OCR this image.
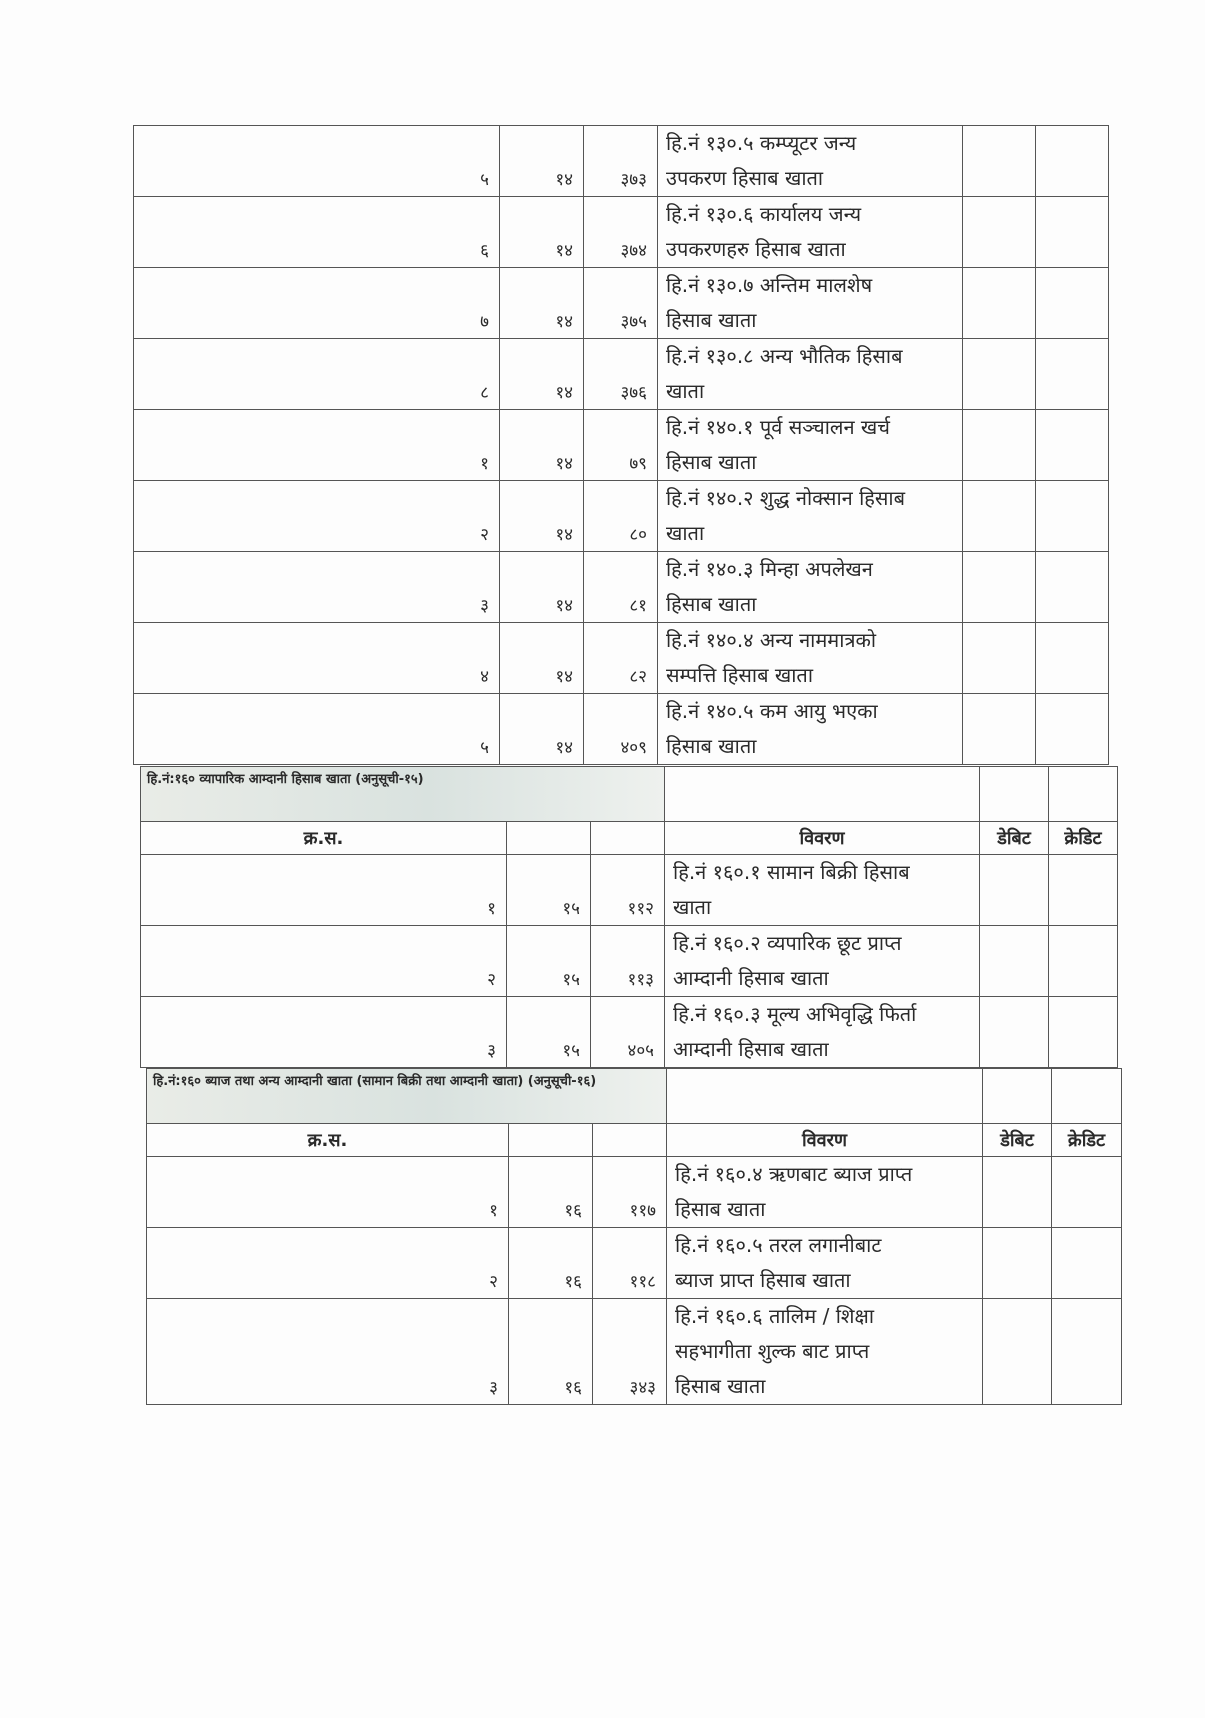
५	१४	३७३	हि.नं १३०.५ कम्प्यूटर जन्य
उपकरण हिसाब खाता		

६	१४	३७४	हि.नं १३०.६ कार्यालय जन्य
उपकरणहरु हिसाब खाता		

७	१४	३७५	हि.नं १३०.७ अन्तिम मालशेष
हिसाब खाता		

८	१४	३७६	हि.नं १३०.८ अन्य भौतिक हिसाब
खाता		

१	१४	७९	हि.नं १४०.१ पूर्व सञ्चालन खर्च
हिसाब खाता		

२	१४	८०	हि.नं १४०.२ शुद्ध नोक्सान हिसाब
खाता		

३	१४	८१	हि.नं १४०.३ मिन्हा अपलेखन
हिसाब खाता		

४	१४	८२	हि.नं १४०.४ अन्य नाममात्रको
सम्पत्ति हिसाब खाता		

५	१४	४०९	हि.नं १४०.५ कम आयु भएका
हिसाब खाता		

हि.नं:१६० व्यापारिक आम्दानी हिसाब खाता (अनुसूची-१५)					
क्र.स.			विवरण	डेबिट	क्रेडिट
१	१५	११२	हि.नं १६०.१ सामान बिक्री हिसाब
खाता		

२	१५	११३	हि.नं १६०.२ व्यपारिक छूट प्राप्त
आम्दानी हिसाब खाता		

३	१५	४०५	हि.नं १६०.३ मूल्य अभिवृद्धि फिर्ता
आम्दानी हिसाब खाता		

हि.नं:१६० ब्याज तथा अन्य आम्दानी खाता (सामान बिक्री तथा आम्दानी खाता) (अनुसूची-१६)					
क्र.स.			विवरण	डेबिट	क्रेडिट
१	१६	११७	हि.नं १६०.४ ऋणबाट ब्याज प्राप्त
हिसाब खाता		

२	१६	११८	हि.नं १६०.५ तरल लगानीबाट
ब्याज प्राप्त हिसाब खाता		

३	१६	३४३	हि.नं १६०.६ तालिम / शिक्षा
सहभागीता शुल्क बाट प्राप्त
हिसाब खाता		
